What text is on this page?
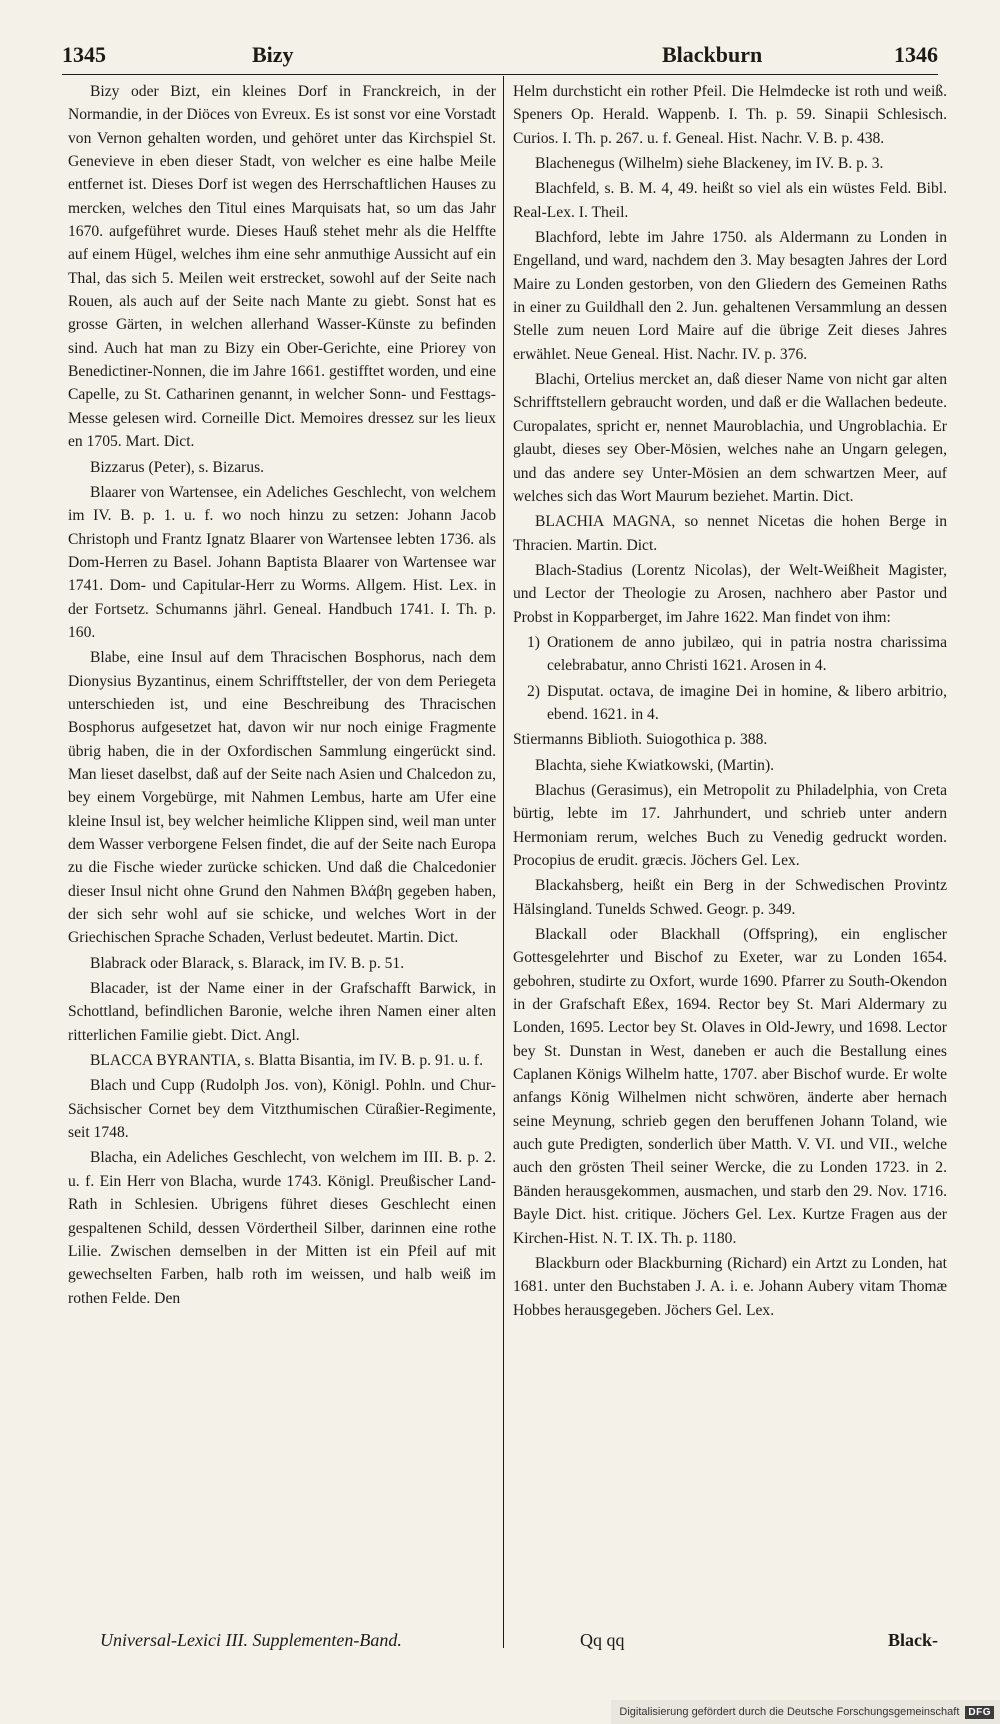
1345	Bizy	Blackburn	1346

Bizy oder Bizt, ein kleines Dorf in Franckreich, in der Normandie, in der Diöces von Evreux. Es ist sonst vor eine Vorstadt von Vernon gehalten worden, und gehöret unter das Kirchspiel St. Genevieve in eben dieser Stadt, von welcher es eine halbe Meile entfernet ist. Dieses Dorf ist wegen des Herrschaftlichen Hauses zu mercken, welches den Titul eines Marquisats hat, so um das Jahr 1670. aufgeführet wurde. Dieses Hauß stehet mehr als die Helffte auf einem Hügel, welches ihm eine sehr anmuthige Aussicht auf ein Thal, das sich 5. Meilen weit erstrecket, sowohl auf der Seite nach Rouen, als auch auf der Seite nach Mante zu giebt. Sonst hat es grosse Gärten, in welchen allerhand Wasser-Künste zu befinden sind. Auch hat man zu Bizy ein Ober-Gerichte, eine Priorey von Benedictiner-Nonnen, die im Jahre 1661. gestifftet worden, und eine Capelle, zu St. Catharinen genannt, in welcher Sonn- und Festtags-Messe gelesen wird. Corneille Dict. Memoires dressez sur les lieux en 1705. Mart. Dict.

Bizzarus (Peter), s. Bizarus.

Blaarer von Wartensee, ein Adeliches Geschlecht, von welchem im IV. B. p. 1. u. f. wo noch hinzu zu setzen: Johann Jacob Christoph und Frantz Ignatz Blaarer von Wartensee lebten 1736. als Dom-Herren zu Basel. Johann Baptista Blaarer von Wartensee war 1741. Dom- und Capitular-Herr zu Worms. Allgem. Hist. Lex. in der Fortsetz. Schumanns jährl. Geneal. Handbuch 1741. I. Th. p. 160.

Blabe, eine Insul auf dem Thracischen Bosphorus, nach dem Dionysius Byzantinus, einem Schrifftsteller, der von dem Periegeta unterschieden ist, und eine Beschreibung des Thracischen Bosphorus aufgesetzet hat, davon wir nur noch einige Fragmente übrig haben, die in der Oxfordischen Sammlung eingerückt sind. Man lieset daselbst, daß auf der Seite nach Asien und Chalcedon zu, bey einem Vorgebürge, mit Nahmen Lembus, harte am Ufer eine kleine Insul ist, bey welcher heimliche Klippen sind, weil man unter dem Wasser verborgene Felsen findet, die auf der Seite nach Europa zu die Fische wieder zurücke schicken. Und daß die Chalcedonier dieser Insul nicht ohne Grund den Nahmen Βλάβη gegeben haben, der sich sehr wohl auf sie schicke, und welches Wort in der Griechischen Sprache Schaden, Verlust bedeutet. Martin. Dict.

Blabrack oder Blarack, s. Blarack, im IV. B. p. 51.

Blacader, ist der Name einer in der Grafschafft Barwick, in Schottland, befindlichen Baronie, welche ihren Namen einer alten ritterlichen Familie giebt. Dict. Angl.

BLACCA BYRANTIA, s. Blatta Bisantia, im IV. B. p. 91. u. f.

Blach und Cupp (Rudolph Jos. von), Königl. Pohln. und Chur-Sächsischer Cornet bey dem Vitzthumischen Cüraßier-Regimente, seit 1748.

Blacha, ein Adeliches Geschlecht, von welchem im III. B. p. 2. u. f. Ein Herr von Blacha, wurde 1743. Königl. Preußischer Land-Rath in Schlesien. Ubrigens führet dieses Geschlecht einen gespaltenen Schild, dessen Vördertheil Silber, darinnen eine rothe Lilie. Zwischen demselben in der Mitten ist ein Pfeil auf mit gewechselten Farben, halb roth im weissen, und halb weiß im rothen Felde. Den

Helm durchsticht ein rother Pfeil. Die Helmdecke ist roth und weiß. Speners Op. Herald. Wappenb. I. Th. p. 59. Sinapii Schlesisch. Curios. I. Th. p. 267. u. f. Geneal. Hist. Nachr. V. B. p. 438.

Blachenegus (Wilhelm) siehe Blackeney, im IV. B. p. 3.

Blachfeld, s. B. M. 4, 49. heißt so viel als ein wüstes Feld. Bibl. Real-Lex. I. Theil.

Blachford, lebte im Jahre 1750. als Aldermann zu Londen in Engelland, und ward, nachdem den 3. May besagten Jahres der Lord Maire zu Londen gestorben, von den Gliedern des Gemeinen Raths in einer zu Guildhall den 2. Jun. gehaltenen Versammlung an dessen Stelle zum neuen Lord Maire auf die übrige Zeit dieses Jahres erwählet. Neue Geneal. Hist. Nachr. IV. p. 376.

Blachi, Ortelius mercket an, daß dieser Name von nicht gar alten Schrifftstellern gebraucht worden, und daß er die Wallachen bedeute. Curopalates, spricht er, nennet Mauroblachia, und Ungroblachia. Er glaubt, dieses sey Ober-Mösien, welches nahe an Ungarn gelegen, und das andere sey Unter-Mösien an dem schwartzen Meer, auf welches sich das Wort Maurum beziehet. Martin. Dict.

BLACHIA MAGNA, so nennet Nicetas die hohen Berge in Thracien. Martin. Dict.

Blach-Stadius (Lorentz Nicolas), der Welt-Weißheit Magister, und Lector der Theologie zu Arosen, nachhero aber Pastor und Probst in Kopparberget, im Jahre 1622. Man findet von ihm:

1) Orationem de anno jubilæo, qui in patria nostra charissima celebrabatur, anno Christi 1621. Arosen in 4.

2) Disputat. octava, de imagine Dei in homine, & libero arbitrio, ebend. 1621. in 4.

Stiermanns Biblioth. Suiogothica p. 388.

Blachta, siehe Kwiatkowski, (Martin).

Blachus (Gerasimus), ein Metropolit zu Philadelphia, von Creta bürtig, lebte im 17. Jahrhundert, und schrieb unter andern Hermoniam rerum, welches Buch zu Venedig gedruckt worden. Procopius de erudit. græcis. Jöchers Gel. Lex.

Blackahsberg, heißt ein Berg in der Schwedischen Provintz Hälsingland. Tunelds Schwed. Geogr. p. 349.

Blackall oder Blackhall (Offspring), ein englischer Gottesgelehrter und Bischof zu Exeter, war zu Londen 1654. gebohren, studirte zu Oxfort, wurde 1690. Pfarrer zu South-Okendon in der Grafschaft Eßex, 1694. Rector bey St. Mari Aldermary zu Londen, 1695. Lector bey St. Olaves in Old-Jewry, und 1698. Lector bey St. Dunstan in West, daneben er auch die Bestallung eines Caplanen Königs Wilhelm hatte, 1707. aber Bischof wurde. Er wolte anfangs König Wilhelmen nicht schwören, änderte aber hernach seine Meynung, schrieb gegen den beruffenen Johann Toland, wie auch gute Predigten, sonderlich über Matth. V. VI. und VII., welche auch den grösten Theil seiner Wercke, die zu Londen 1723. in 2. Bänden herausgekommen, ausmachen, und starb den 29. Nov. 1716. Bayle Dict. hist. critique. Jöchers Gel. Lex. Kurtze Fragen aus der Kirchen-Hist. N. T. IX. Th. p. 1180.

Blackburn oder Blackburning (Richard) ein Artzt zu Londen, hat 1681. unter den Buchstaben J. A. i. e. Johann Aubery vitam Thomæ Hobbes herausgegeben. Jöchers Gel. Lex.

Universal-Lexici III. Supplementen-Band.	Qq qq	Black-
Digitalisierung gefördert durch die Deutsche Forschungsgemeinschaft DFG
